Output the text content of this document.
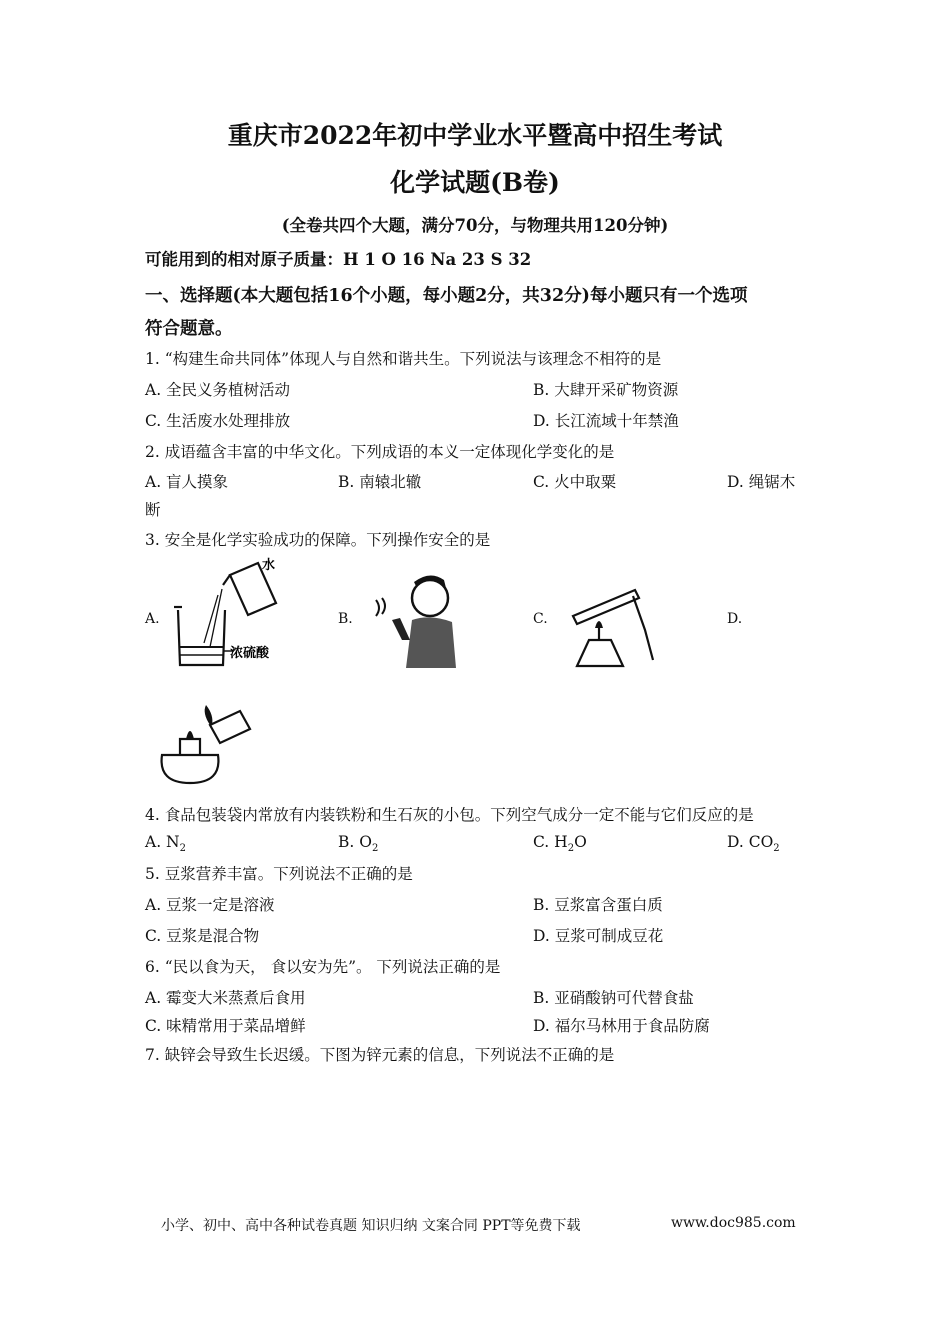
重庆市2022年初中学业水平暨高中招生考试
化学试题(B卷)
(全卷共四个大题，满分70分，与物理共用120分钟)
可能用到的相对原子质量：H 1 O 16 Na 23 S 32
一、选择题(本大题包括16个小题，每小题2分，共32分)每小题只有一个选项
符合题意。
1. “构建生命共同体”体现人与自然和谐共生。下列说法与该理念不相符的是
A. 全民义务植树活动	B. 大肆开采矿物资源
C. 生活废水处理排放	D. 长江流域十年禁渔
2. 成语蕴含丰富的中华文化。下列成语的本义一定体现化学变化的是
A. 盲人摸象	B. 南辕北辙	C. 火中取粟	D. 绳锯木
断
3. 安全是化学实验成功的保障。下列操作安全的是
A.	B.	C.	D.
水
浓硫酸
4. 食品包装袋内常放有内装铁粉和生石灰的小包。下列空气成分一定不能与它们反应的是
A. $N_2$	B. $O_2$	C. $H_2O$	D. $CO_2$
5. 豆浆营养丰富。下列说法不正确的是
A. 豆浆一定是溶液	B. 豆浆富含蛋白质
C. 豆浆是混合物	D. 豆浆可制成豆花
6. “民以食为天， 食以安为先”。 下列说法正确的是
A. 霉变大米蒸煮后食用	B. 亚硝酸钠可代替食盐
C. 味精常用于菜品增鲜	D. 福尔马林用于食品防腐
7. 缺锌会导致生长迟缓。下图为锌元素的信息，下列说法不正确的是
小学、初中、高中各种试卷真题 知识归纳 文案合同 PPT等免费下载	www.doc985.com
